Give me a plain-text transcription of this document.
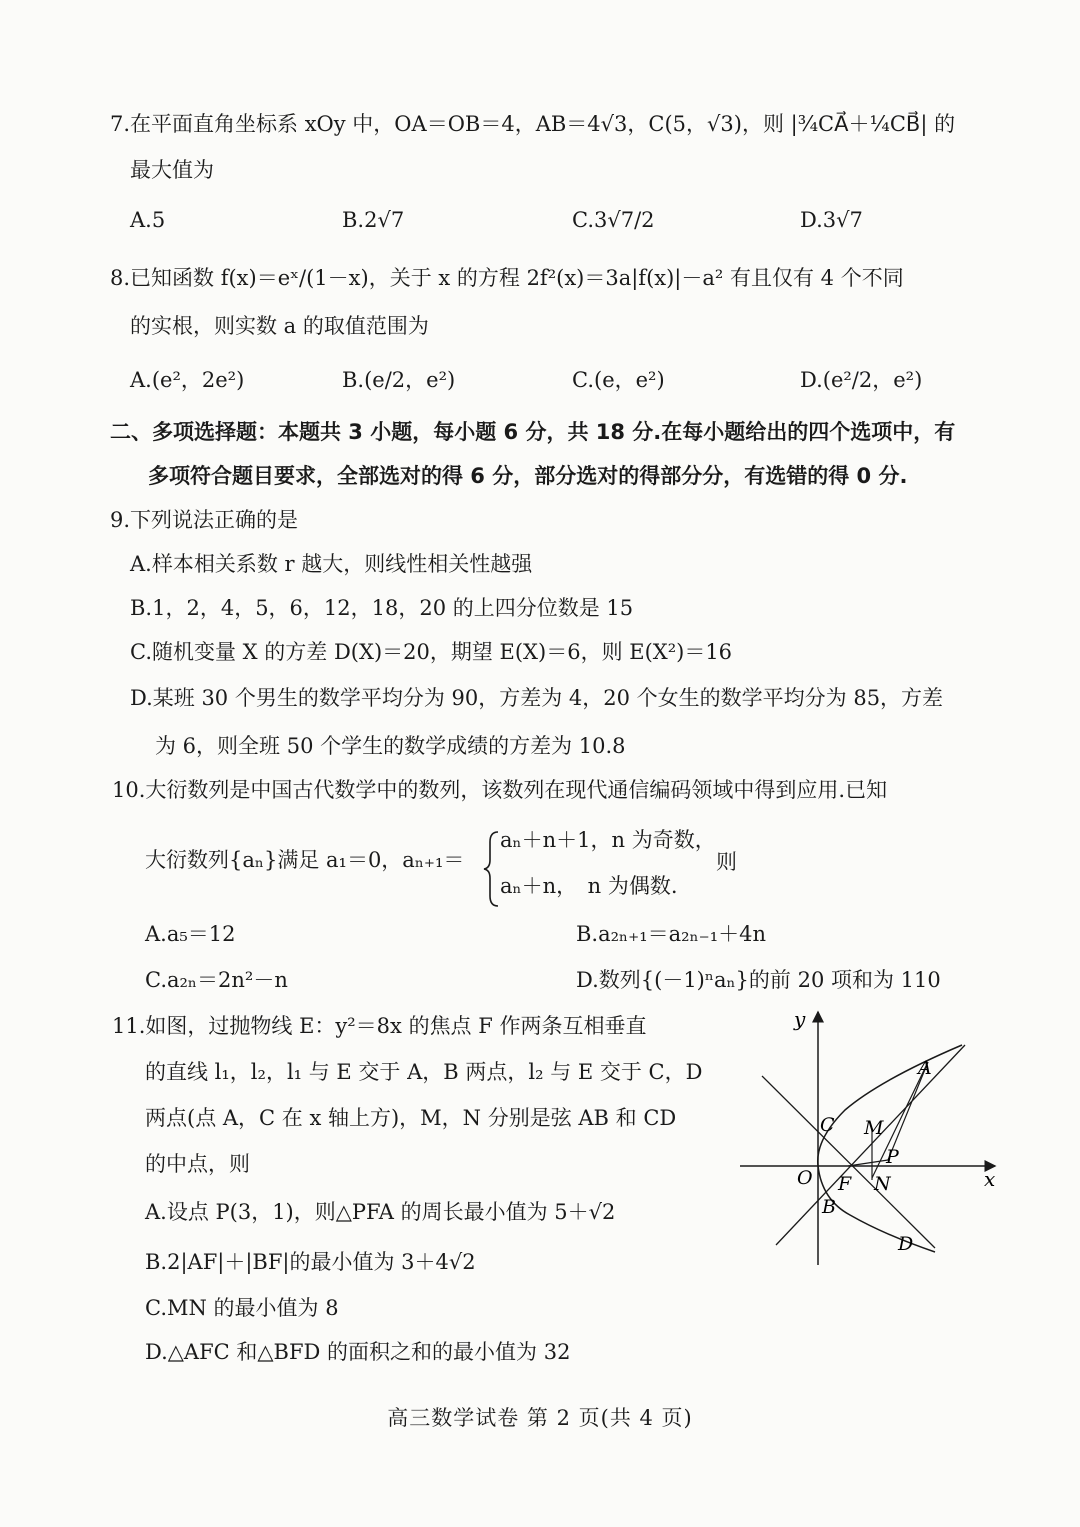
7.在平面直角坐标系 xOy 中，OA＝OB＝4，AB＝4√3，C(5，√3)，则 |¾CA⃗＋¼CB⃗| 的
最大值为
A.5	B.2√7	C.3√7/2	D.3√7
8.已知函数 f(x)＝eˣ/(1－x)，关于 x 的方程 2f²(x)＝3a|f(x)|－a² 有且仅有 4 个不同
的实根，则实数 a 的取值范围为
A.(e²，2e²)	B.(e/2，e²)	C.(e，e²)	D.(e²/2，e²)
二、多项选择题：本题共 3 小题，每小题 6 分，共 18 分.在每小题给出的四个选项中，有
多项符合题目要求，全部选对的得 6 分，部分选对的得部分分，有选错的得 0 分.
9.下列说法正确的是
A.样本相关系数 r 越大，则线性相关性越强
B.1，2，4，5，6，12，18，20 的上四分位数是 15
C.随机变量 X 的方差 D(X)＝20，期望 E(X)＝6，则 E(X²)＝16
D.某班 30 个男生的数学平均分为 90，方差为 4，20 个女生的数学平均分为 85，方差
为 6，则全班 50 个学生的数学成绩的方差为 10.8
10.大衍数列是中国古代数学中的数列，该数列在现代通信编码领域中得到应用.已知
大衍数列{aₙ}满足 a₁＝0，aₙ₊₁＝
aₙ＋n＋1，n 为奇数，
aₙ＋n，　n 为偶数.
则
A.a₅＝12	B.a₂ₙ₊₁＝a₂ₙ₋₁＋4n
C.a₂ₙ＝2n²－n	D.数列{(－1)ⁿaₙ}的前 20 项和为 110
11.如图，过抛物线 E：y²＝8x 的焦点 F 作两条互相垂直
的直线 l₁，l₂，l₁ 与 E 交于 A，B 两点，l₂ 与 E 交于 C，D
两点(点 A，C 在 x 轴上方)，M，N 分别是弦 AB 和 CD
的中点，则
A.设点 P(3，1)，则△PFA 的周长最小值为 5＋√2
B.2|AF|＋|BF|的最小值为 3＋4√2
C.MN 的最小值为 8
D.△AFC 和△BFD 的面积之和的最小值为 32
y
x
O
A
B
C
D
M
N
P
F
高三数学试卷 第 2 页(共 4 页)
